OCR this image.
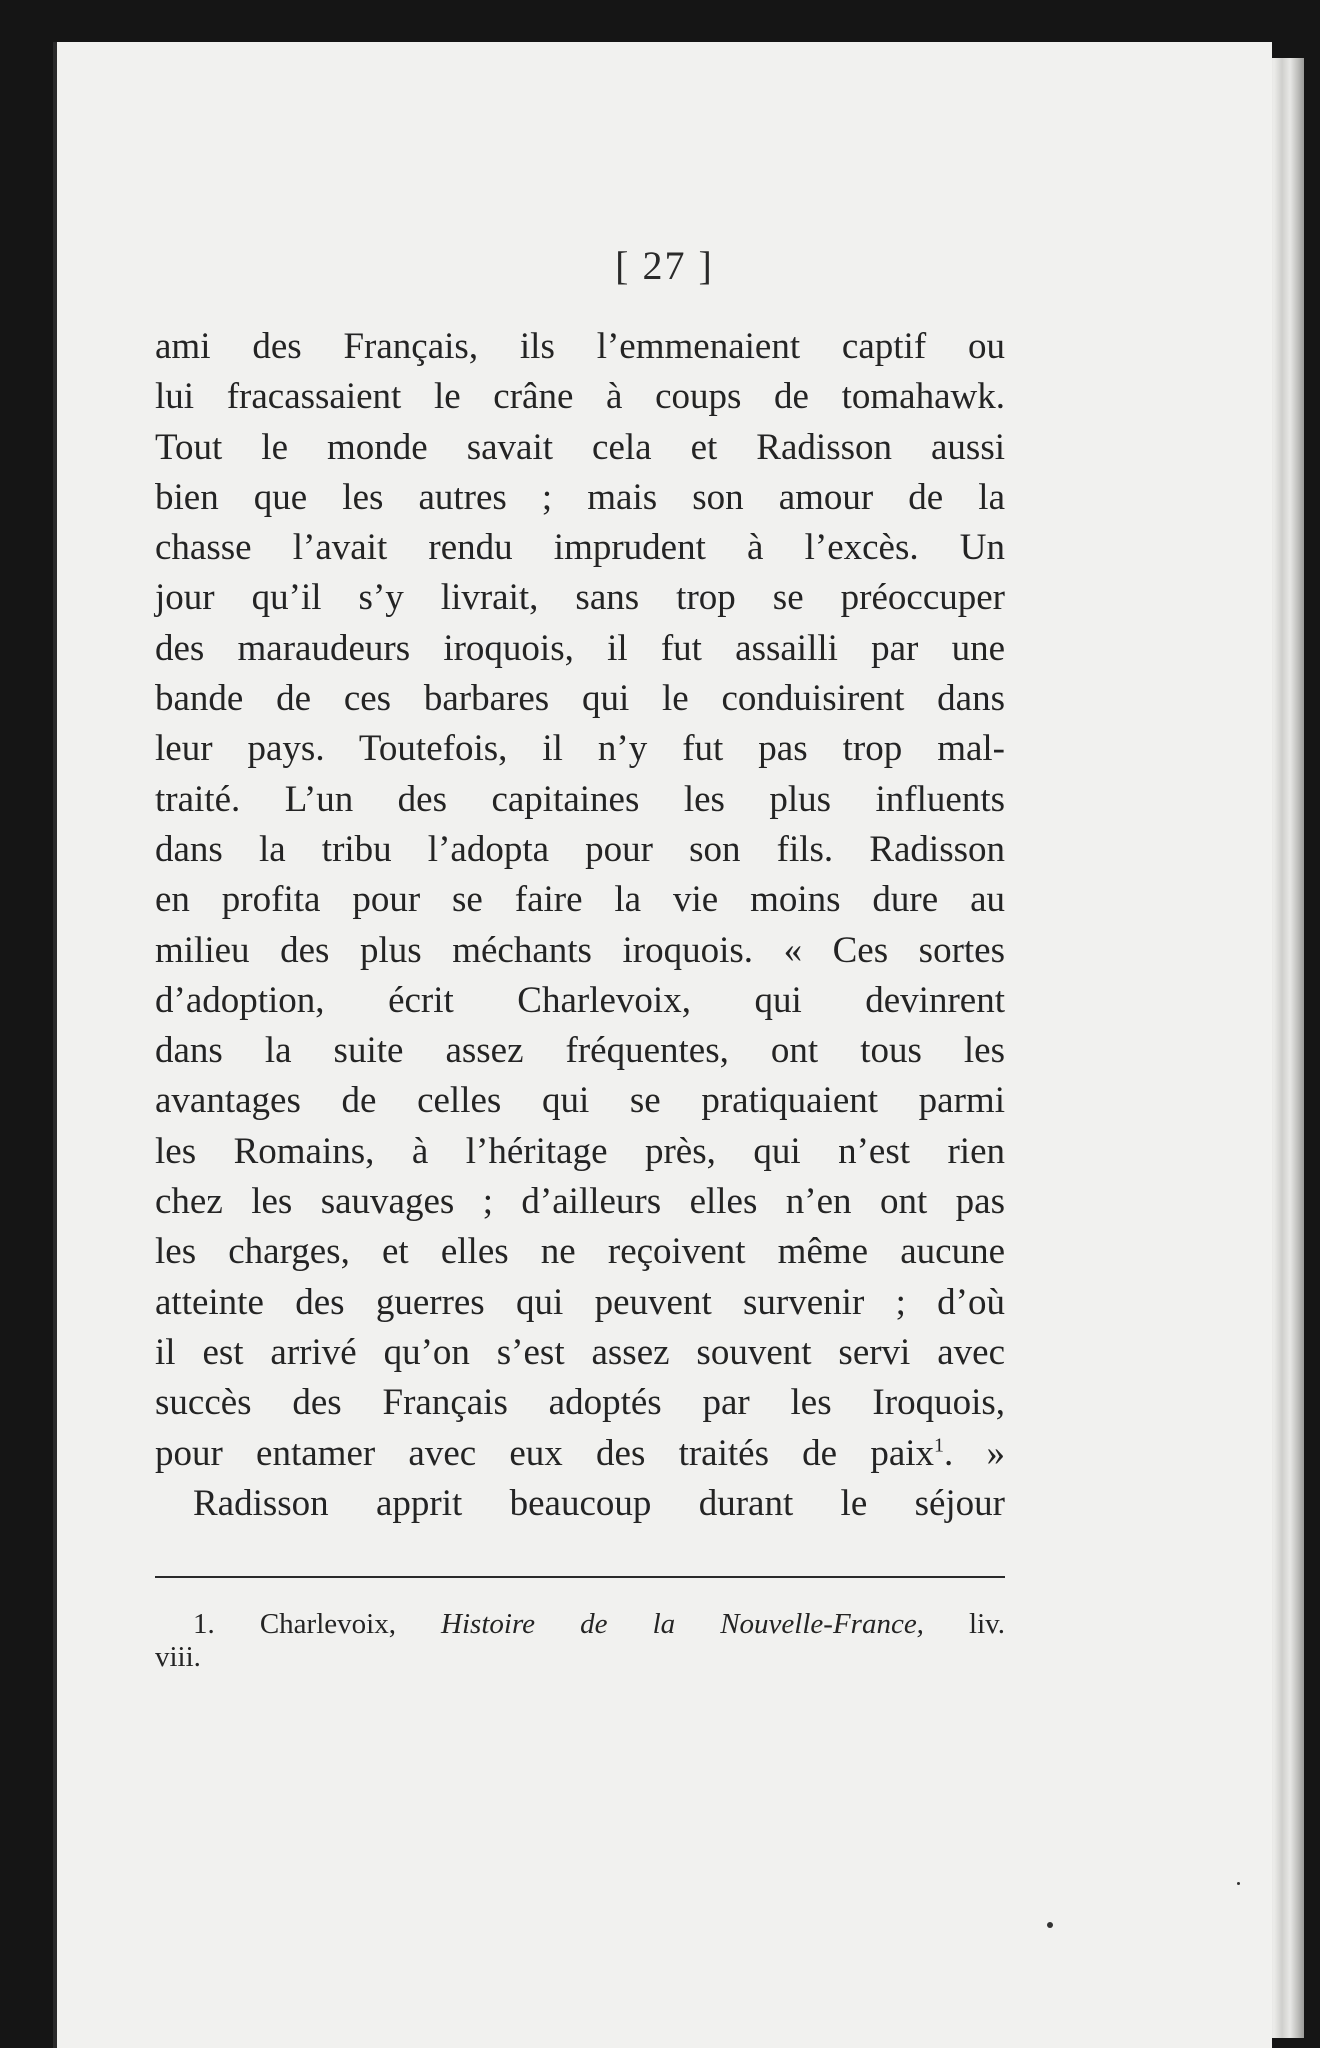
[ 27 ]
ami des Français, ils l’emmenaient captif ou
lui fracassaient le crâne à coups de tomahawk.
Tout le monde savait cela et Radisson aussi
bien que les autres ; mais son amour de la
chasse l’avait rendu imprudent à l’excès. Un
jour qu’il s’y livrait, sans trop se préoccuper
des maraudeurs iroquois, il fut assailli par une
bande de ces barbares qui le conduisirent dans
leur pays. Toutefois, il n’y fut pas trop mal-
traité. L’un des capitaines les plus influents
dans la tribu l’adopta pour son fils. Radisson
en profita pour se faire la vie moins dure au
milieu des plus méchants iroquois. « Ces sortes
d’adoption, écrit Charlevoix, qui devinrent
dans la suite assez fréquentes, ont tous les
avantages de celles qui se pratiquaient parmi
les Romains, à l’héritage près, qui n’est rien
chez les sauvages ; d’ailleurs elles n’en ont pas
les charges, et elles ne reçoivent même aucune
atteinte des guerres qui peuvent survenir ; d’où
il est arrivé qu’on s’est assez souvent servi avec
succès des Français adoptés par les Iroquois,
pour entamer avec eux des traités de paix$^1$. »
Radisson apprit beaucoup durant le séjour
1. Charlevoix, Histoire de la Nouvelle-France, liv.
viii.
